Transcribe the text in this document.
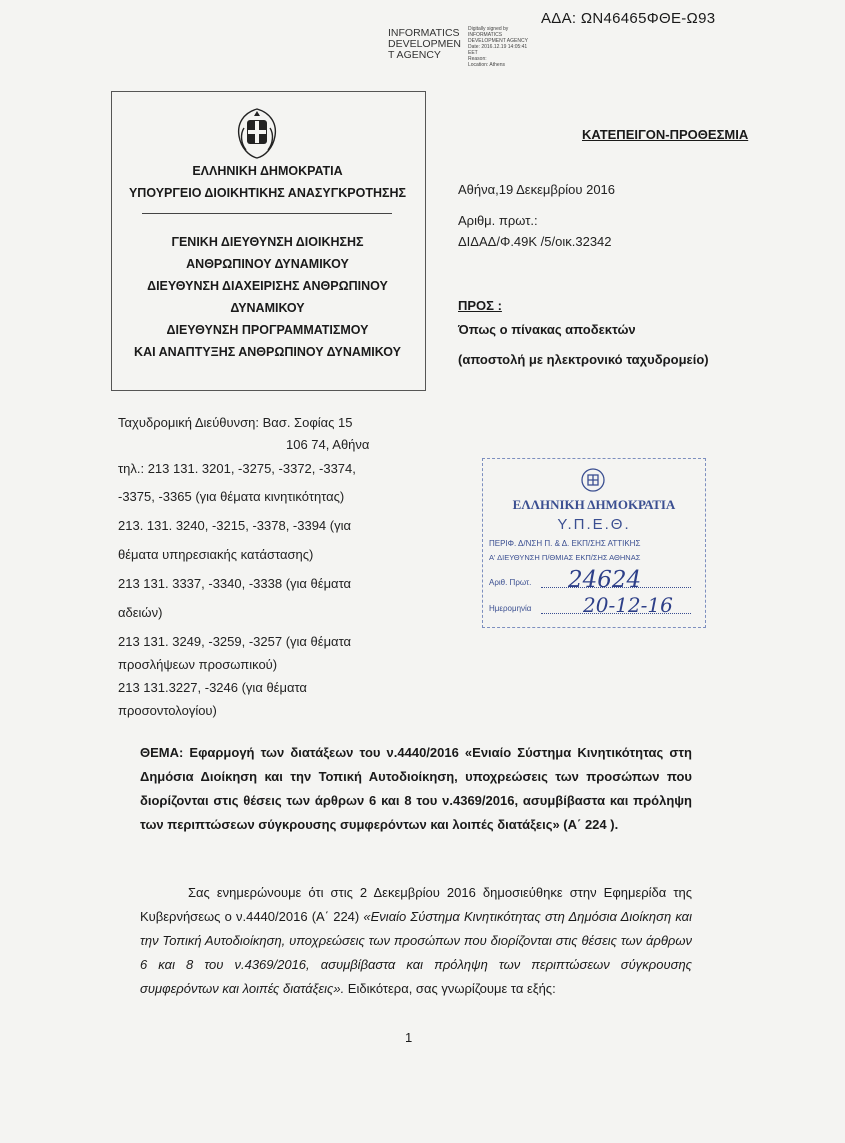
ΑΔΑ: ΩΝ46465ΦΘΕ-Ω93
INFORMATICS
DEVELOPMEN
T AGENCY
Digitally signed by
INFORMATICS
DEVELOPMENT AGENCY
Date: 2016.12.19 14:05:41
EET
Reason:
Location: Athens
ΕΛΛΗΝΙΚΗ ΔΗΜΟΚΡΑΤΙΑ
ΥΠΟΥΡΓΕΙΟ ΔΙΟΙΚΗΤΙΚΗΣ ΑΝΑΣΥΓΚΡΟΤΗΣΗΣ
ΓΕΝΙΚΗ ΔΙΕΥΘΥΝΣΗ ΔΙΟΙΚΗΣΗΣ
ΑΝΘΡΩΠΙΝΟΥ ΔΥΝΑΜΙΚΟΥ
ΔΙΕΥΘΥΝΣΗ ΔΙΑΧΕΙΡΙΣΗΣ ΑΝΘΡΩΠΙΝΟΥ
ΔΥΝΑΜΙΚΟΥ
ΔΙΕΥΘΥΝΣΗ ΠΡΟΓΡΑΜΜΑΤΙΣΜΟΥ
ΚΑΙ ΑΝΑΠΤΥΞΗΣ ΑΝΘΡΩΠΙΝΟΥ ΔΥΝΑΜΙΚΟΥ
ΚΑΤΕΠΕΙΓΟΝ-ΠΡΟΘΕΣΜΙΑ
Αθήνα,19 Δεκεμβρίου 2016
Αριθμ. πρωτ.:
ΔΙΔΑΔ/Φ.49Κ /5/οικ.32342
ΠΡΟΣ :
Όπως ο πίνακας αποδεκτών
(αποστολή με ηλεκτρονικό ταχυδρομείο)
Ταχυδρομική Διεύθυνση: Βασ. Σοφίας 15
106 74, Αθήνα
τηλ.: 213 131. 3201, -3275, -3372, -3374,
-3375, -3365 (για θέματα κινητικότητας)
213. 131. 3240, -3215, -3378, -3394 (για
θέματα υπηρεσιακής κατάστασης)
213 131. 3337, -3340, -3338 (για θέματα
αδειών)
213 131. 3249, -3259, -3257 (για θέματα
προσλήψεων προσωπικού)
213 131.3227, -3246 (για θέματα
προσοντολογίου)
ΕΛΛΗΝΙΚΗ ΔΗΜΟΚΡΑΤΙΑ
Υ.Π.Ε.Θ.
ΠΕΡΙΦ. Δ/ΝΣΗ Π. & Δ. ΕΚΠ/ΣΗΣ ΑΤΤΙΚΗΣ
Α' ΔΙΕΥΘΥΝΣΗ Π/ΘΜΙΑΣ ΕΚΠ/ΣΗΣ ΑΘΗΝΑΣ
Αριθ. Πρωτ. 24624
Ημερομηνία	20-12-16
ΘΕΜΑ: Εφαρμογή των διατάξεων του ν.4440/2016 «Ενιαίο Σύστημα Κινητικότητας στη Δημόσια Διοίκηση και την Τοπική Αυτοδιοίκηση, υποχρεώσεις των προσώπων που διορίζονται στις θέσεις των άρθρων 6 και 8 του ν.4369/2016, ασυμβίβαστα και πρόληψη των περιπτώσεων σύγκρουσης συμφερόντων και λοιπές διατάξεις» (Α΄ 224 ).
Σας ενημερώνουμε ότι στις 2 Δεκεμβρίου 2016 δημοσιεύθηκε στην Εφημερίδα της Κυβερνήσεως ο ν.4440/2016 (Α΄ 224) «Ενιαίο Σύστημα Κινητικότητας στη Δημόσια Διοίκηση και την Τοπική Αυτοδιοίκηση, υποχρεώσεις των προσώπων που διορίζονται στις θέσεις των άρθρων 6 και 8 του ν.4369/2016, ασυμβίβαστα και πρόληψη των περιπτώσεων σύγκρουσης συμφερόντων και λοιπές διατάξεις». Ειδικότερα, σας γνωρίζουμε τα εξής:
1
